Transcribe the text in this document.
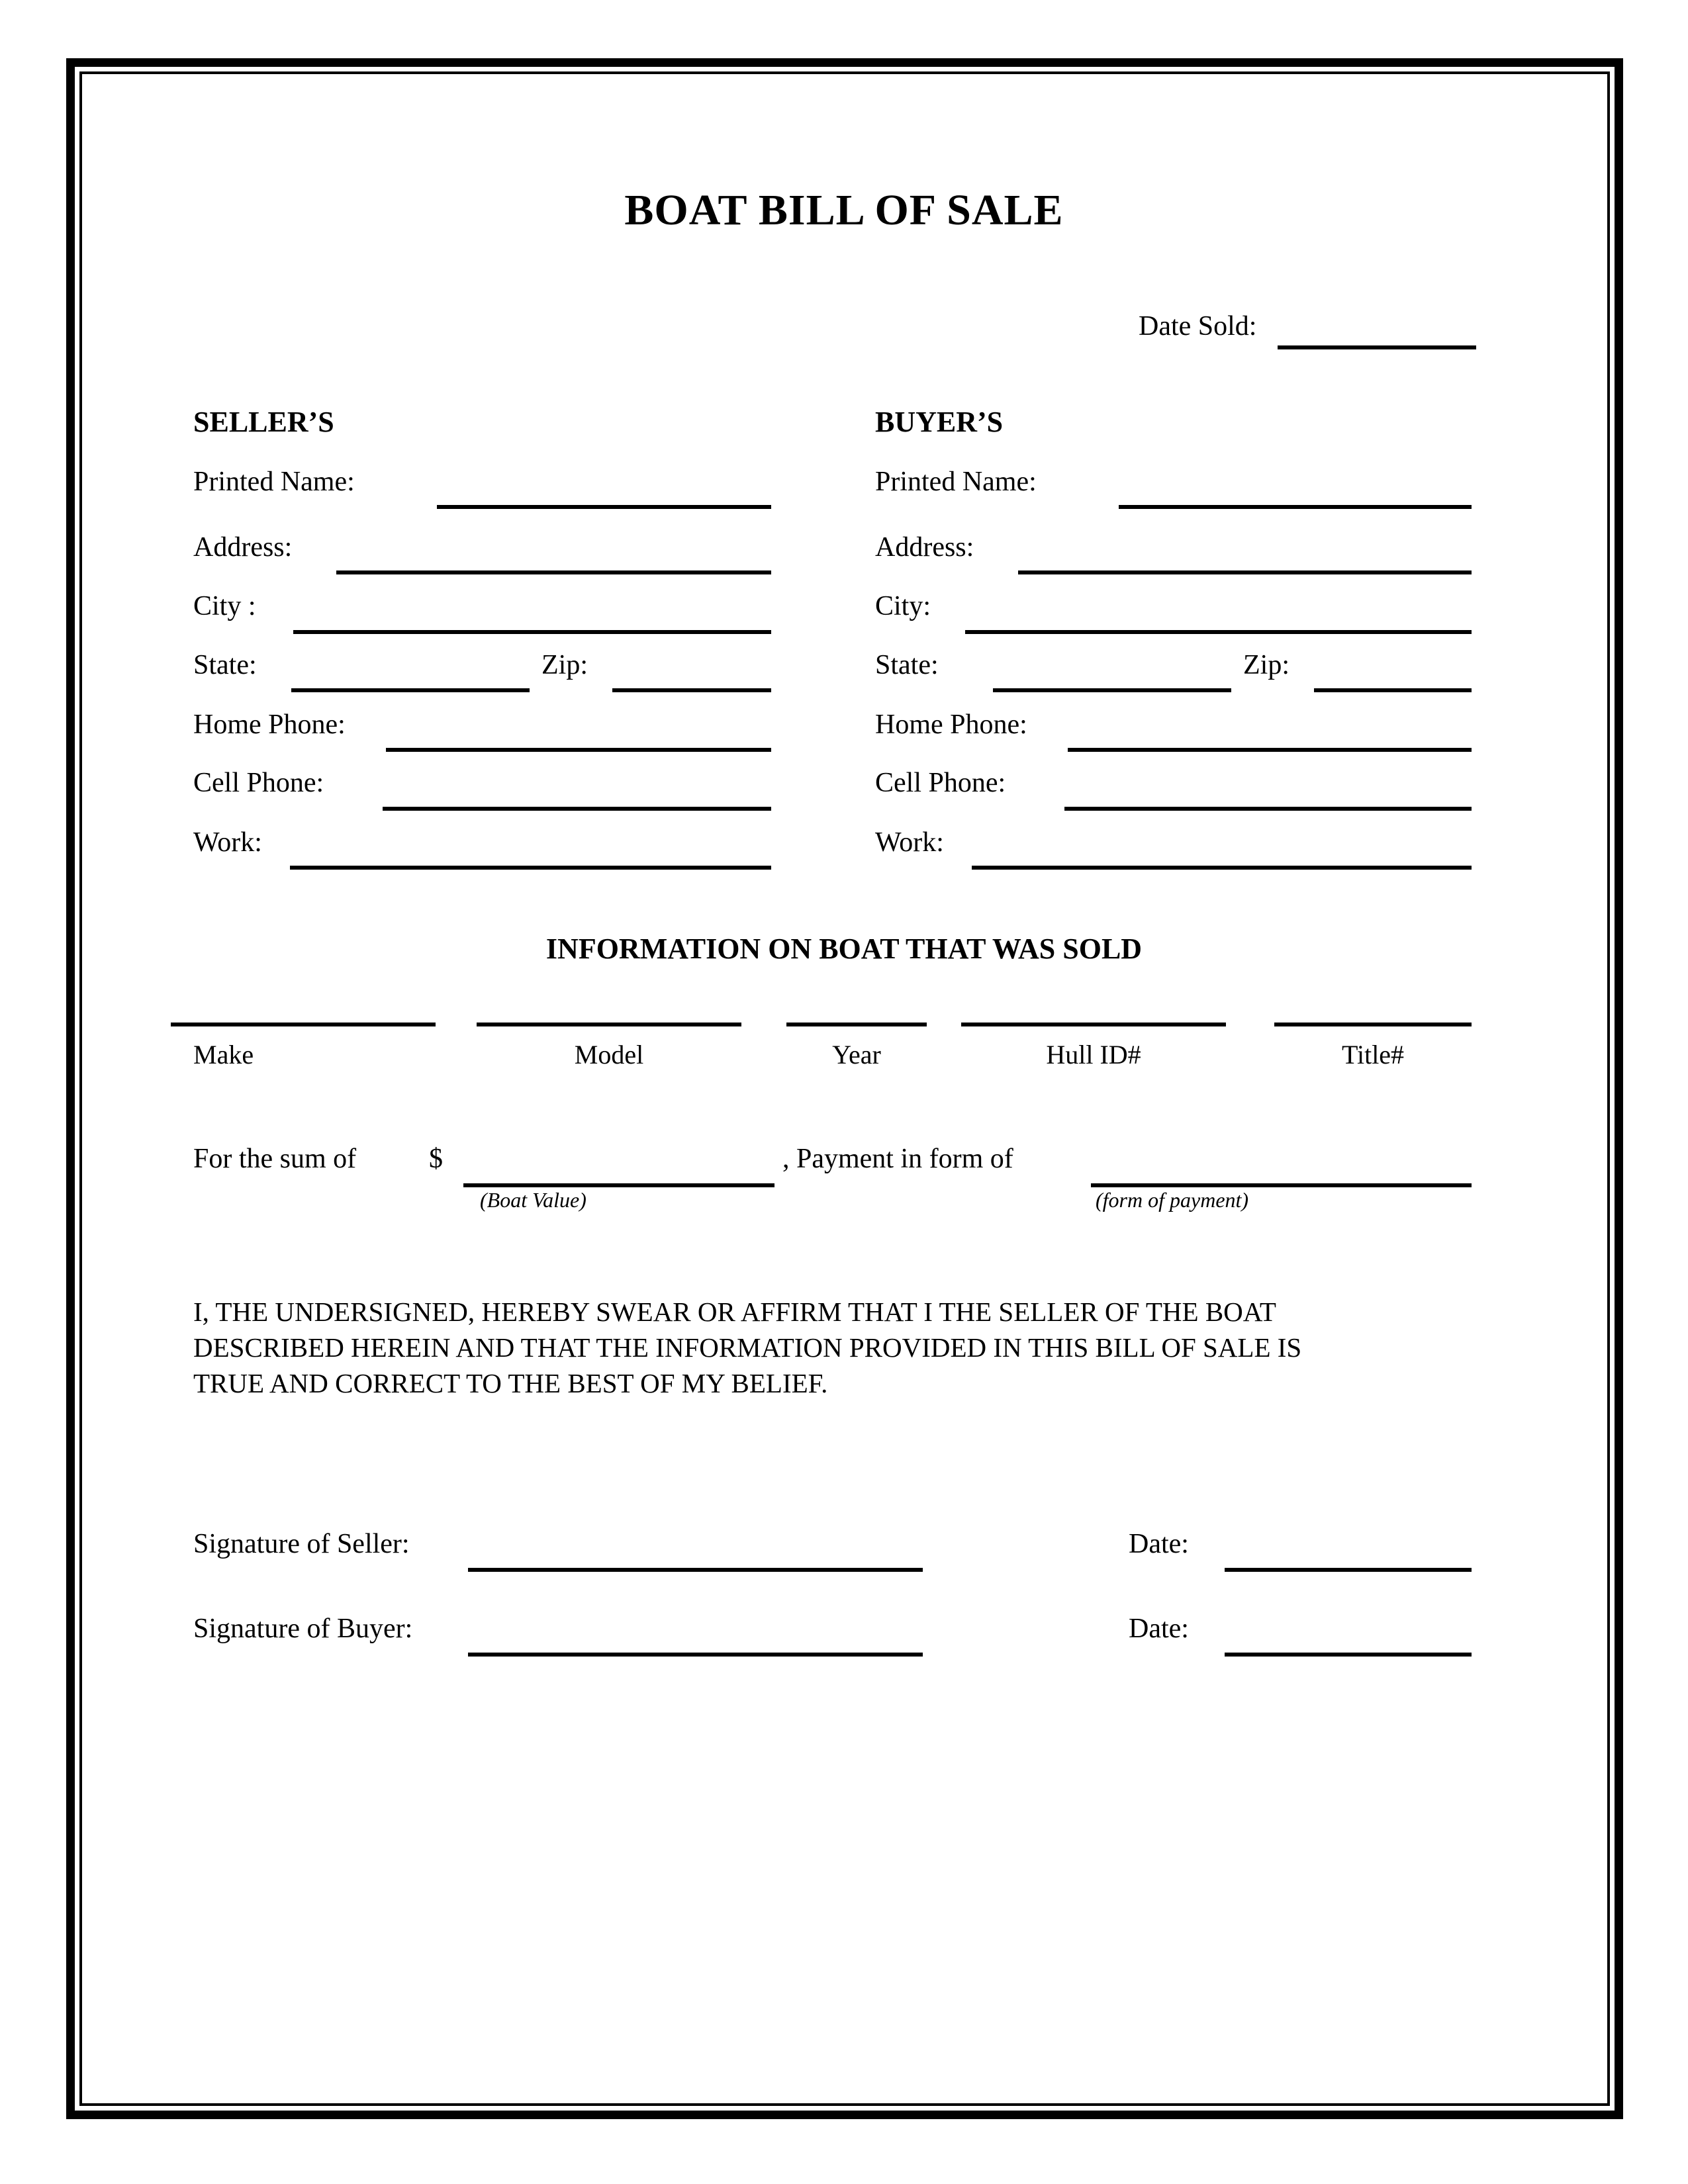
BOAT BILL OF SALE
Date Sold:
SELLER’S
Printed Name:
Address:
City :
State:	Zip:
Home Phone:
Cell Phone:
Work:
BUYER’S
Printed Name:
Address:
City:
State:	Zip:
Home Phone:
Cell Phone:
Work:
INFORMATION ON BOAT THAT WAS SOLD
Make	Model	Year	Hull ID#	Title#
For the sum of	$
(Boat Value)
, Payment in form of
(form of payment)
I, THE UNDERSIGNED, HEREBY SWEAR OR AFFIRM THAT I THE SELLER OF THE BOAT
DESCRIBED HEREIN AND THAT THE INFORMATION PROVIDED IN THIS BILL OF SALE IS
TRUE AND CORRECT TO THE BEST OF MY BELIEF.
Signature of Seller:	Date:
Signature of Buyer:	Date:
